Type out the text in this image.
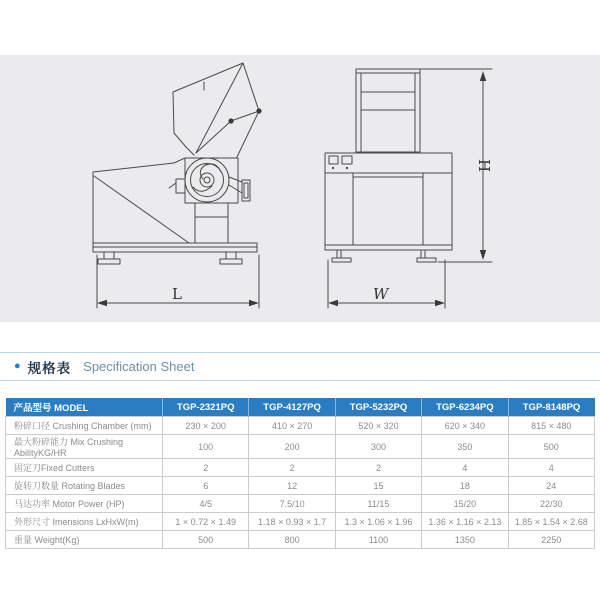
L	W
H
● 规格表 Specification Sheet
产品型号 MODEL	TGP-2321PQ	TGP-4127PQ	TGP-5232PQ	TGP-6234PQ	TGP-8148PQ
粉碎口径 Crushing Chamber (mm)	230 × 200	410 × 270	520 × 320	620 × 340	815 × 480
最大粉碎能力 Mix Crushing AbilityKG/HR	100	200	300	350	500
固定刀Fixed Cutters	2	2	2	4	4
旋转刀数量 Rotating Blades	6	12	15	18	24
马达功率 Motor Power (HP)	4/5	7.5/10	11/15	15/20	22/30
外形尺寸 Imensions LxHxW(m)	1 × 0.72 × 1.49	1.18 × 0.93 × 1.7	1.3 × 1.06 × 1.96	1.36 × 1.16 × 2.13	1.85 × 1.54 × 2.68
重量 Weight(Kg)	500	800	1100	1350	2250
